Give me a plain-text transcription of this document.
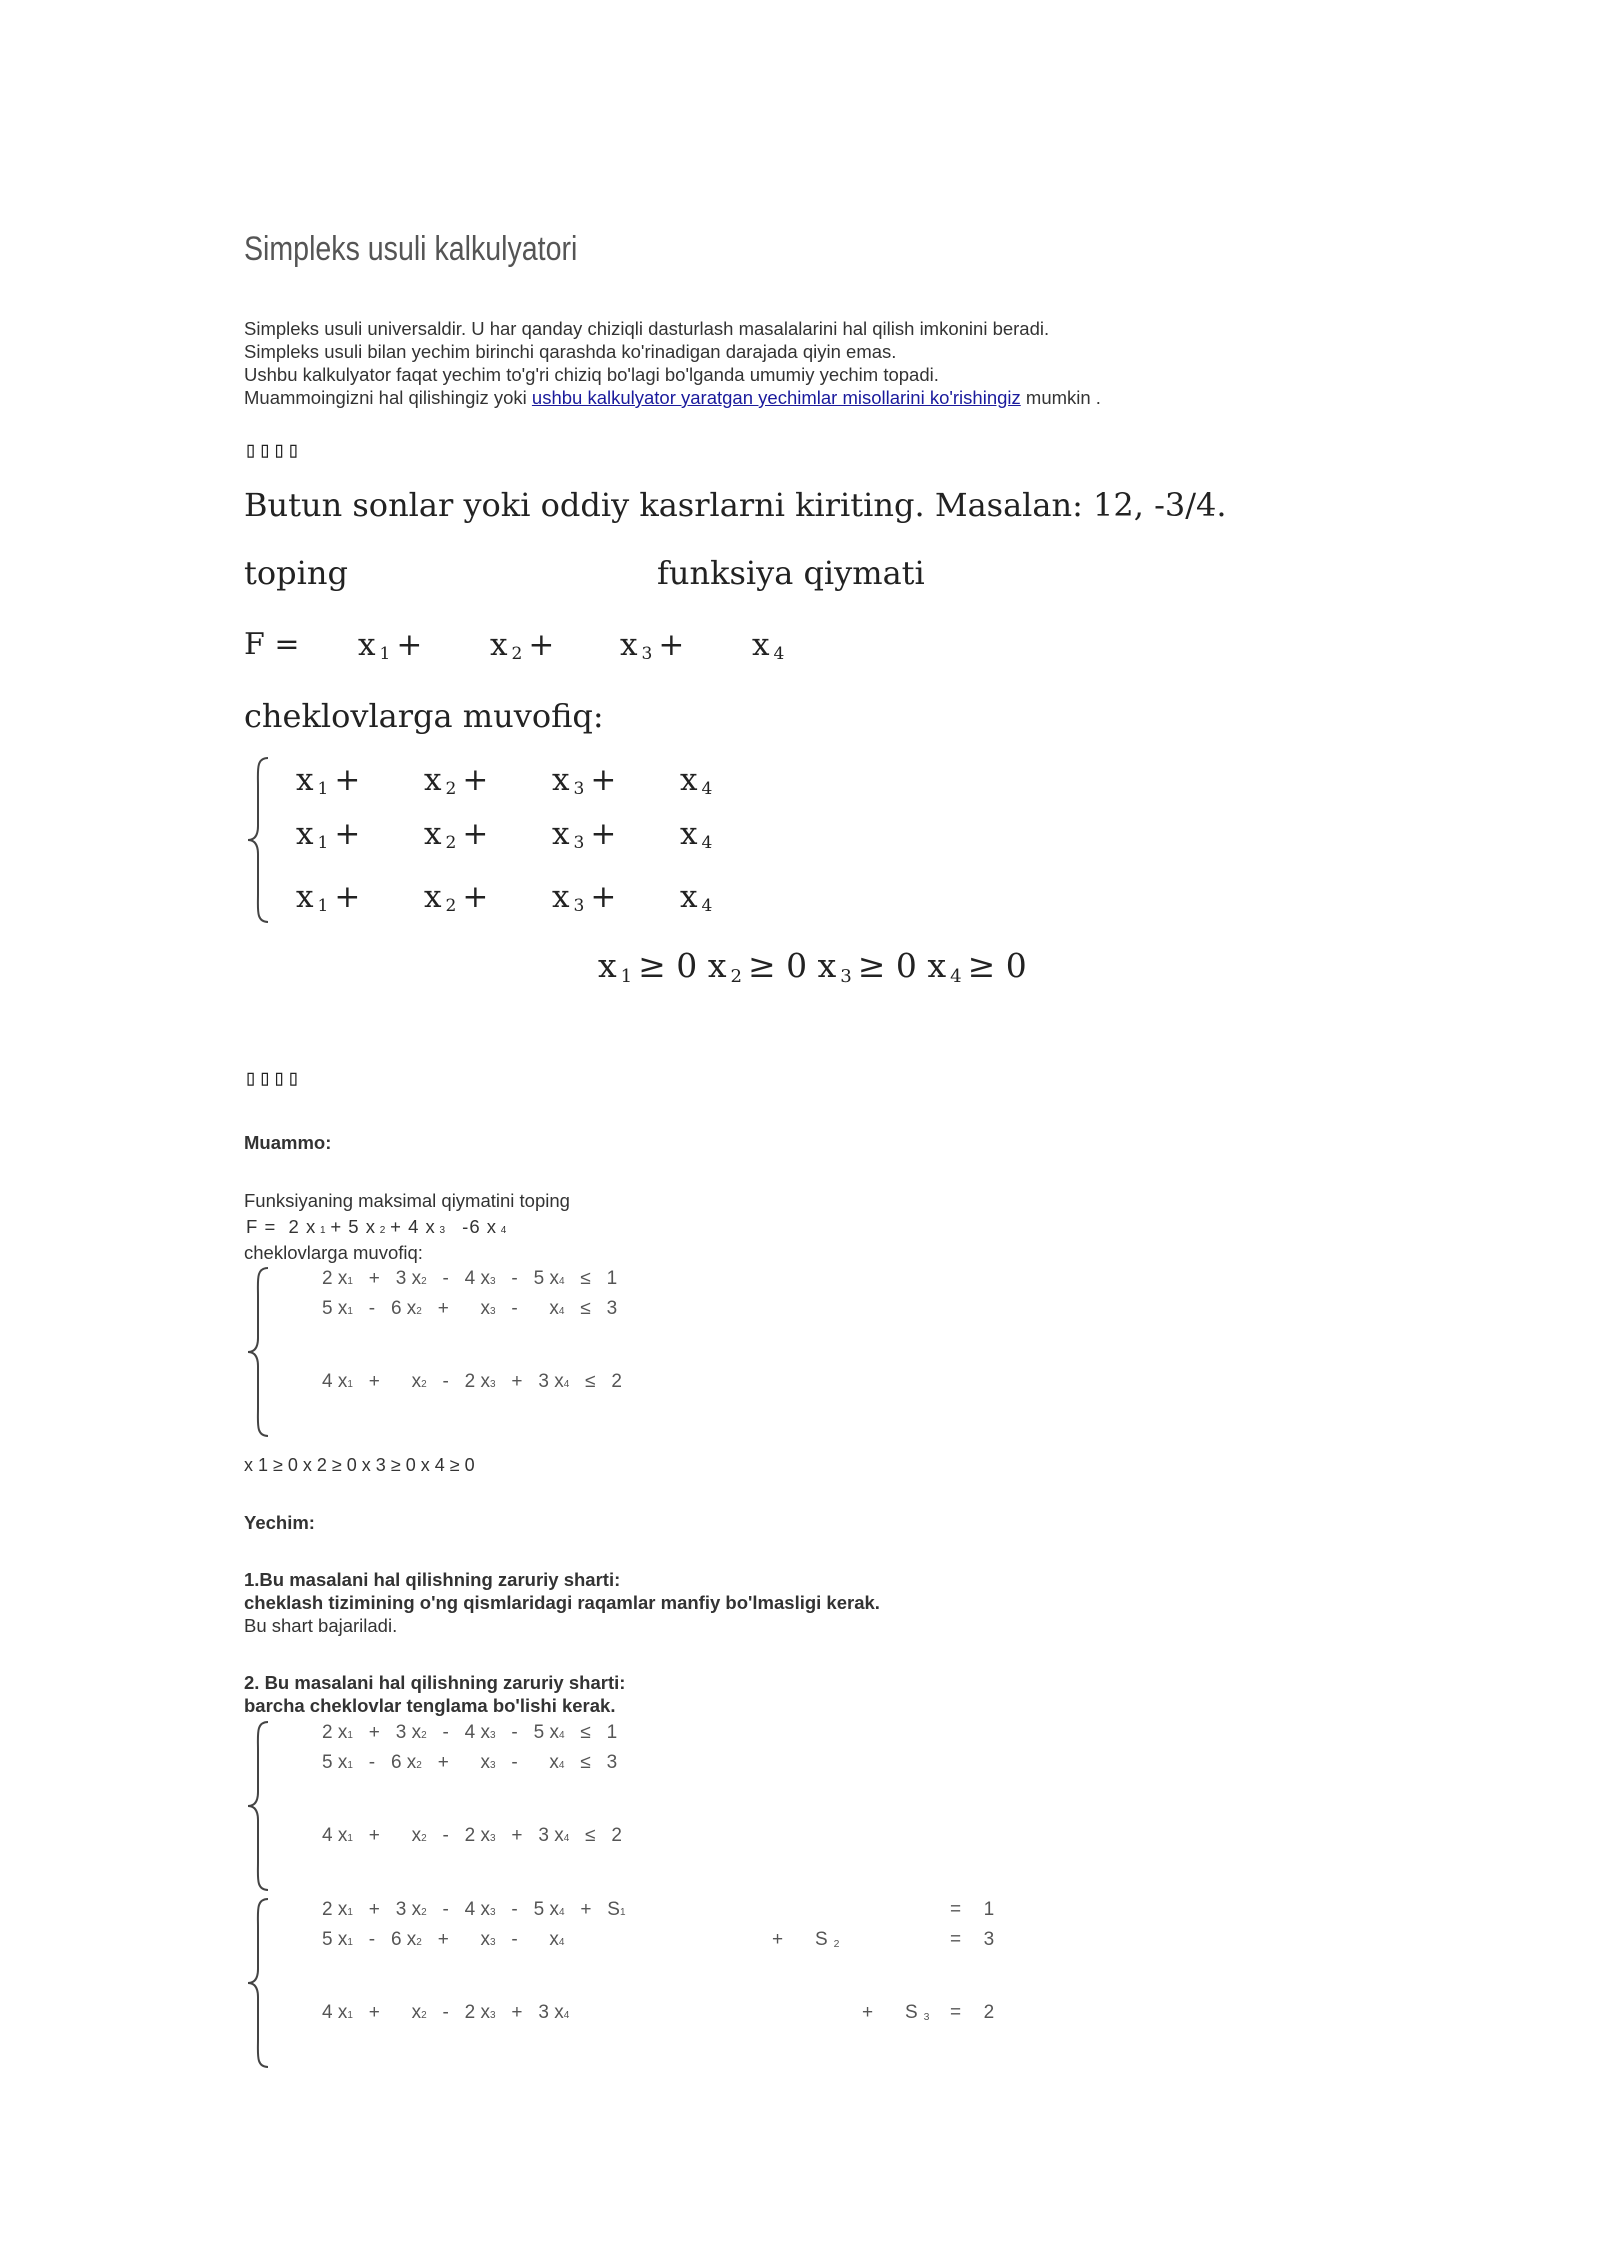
Simpleks usuli kalkulyatori
Simpleks usuli universaldir. U har qanday chiziqli dasturlash masalalarini hal qilish imkonini beradi.
Simpleks usuli bilan yechim birinchi qarashda ko'rinadigan darajada qiyin emas.
Ushbu kalkulyator faqat yechim to'g'ri chiziq bo'lagi bo'lganda umumiy yechim topadi.
Muammoingizni hal qilishingiz yoki ushbu kalkulyator yaratgan yechimlar misollarini ko'rishingiz mumkin .
▯▯▯▯
Butun sonlar yoki oddiy kasrlarni kiriting. Masalan: 12, -3/4.
toping	funksiya qiymati
F = x $_1$ + x $_2$ + x $_3$ + x $_4$
cheklovlarga muvofiq:
x $_1$ + x $_2$ + x $_3$ + x $_4$
x $_1$ + x $_2$ + x $_3$ + x $_4$
x $_1$ + x $_2$ + x $_3$ + x $_4$
x $_1$ ≥ 0 x $_2$ ≥ 0 x $_3$ ≥ 0 x $_4$ ≥ 0
▯▯▯▯
Muammo:
Funksiyaning maksimal qiymatini toping
F = 2 x 1 + 5 x 2 + 4 x 3   -6 x 4
cheklovlarga muvofiq:
2 x1 + 3 x2 - 4 x3 - 5 x4 ≤ 1
5 x1 - 6 x2 + x3 - x4 ≤ 3
4 x1 + x2 - 2 x3 + 3 x4 ≤ 2
x 1 ≥ 0 x 2 ≥ 0 x 3 ≥ 0 x 4 ≥ 0
Yechim:
1.Bu masalani hal qilishning zaruriy sharti:
cheklash tizimining o'ng qismlaridagi raqamlar manfiy bo'lmasligi kerak.
Bu shart bajariladi.
2. Bu masalani hal qilishning zaruriy sharti:
barcha cheklovlar tenglama bo'lishi kerak.
2 x1 + 3 x2 - 4 x3 - 5 x4 ≤ 1
5 x1 - 6 x2 + x3 - x4 ≤ 3
4 x1 + x2 - 2 x3 + 3 x4 ≤ 2
2 x1 + 3 x2 - 4 x3 - 5 x4   +   S1	= 1
5 x1 - 6 x2 + x3 - x4	+   S 2	= 3
4 x1 + x2 - 2 x3 + 3 x4	+   S 3 = 2
